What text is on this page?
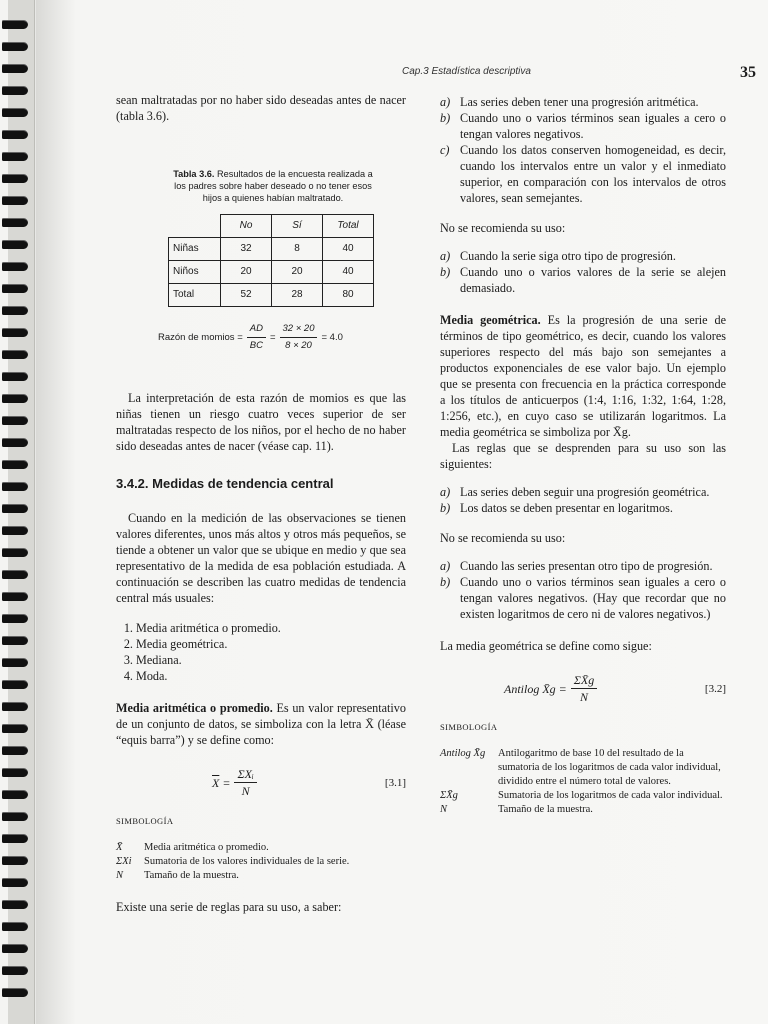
Cap.3 Estadística descriptiva	35

sean maltratadas por no haber sido deseadas antes de nacer (tabla 3.6).

Tabla 3.6. Resultados de la encuesta realizada a los padres sobre haber deseado o no tener esos hijos a quienes habían maltratado.
	No	Sí	Total
Niñas	32	8	40
Niños	20	20	40
Total	52	28	80
Razón de momios = $\frac{AD}{BC} = \frac{32 \times 20}{8 \times 20} = 4.0$

La interpretación de esta razón de momios es que las niñas tienen un riesgo cuatro veces superior de ser maltratadas respecto de los niños, por el hecho de no haber sido deseadas antes de nacer (véase cap. 11).

3.4.2. Medidas de tendencia central

Cuando en la medición de las observaciones se tienen valores diferentes, unos más altos y otros más pequeños, se tiende a obtener un valor que se ubique en medio y que sea representativo de la medida de esa población estudiada. A continuación se describen las cuatro medidas de tendencia central más usuales:

1. Media aritmética o promedio.
2. Media geométrica.
3. Mediana.
4. Moda.

Media aritmética o promedio. Es un valor representativo de un conjunto de datos, se simboliza con la letra X̄ (léase “equis barra”) y se define como:

$\overline{X} = \frac{\text{ΣXᵢ}}{N}$	[3.1]
SIMBOLOGÍA
X̄	Media aritmética o promedio.
ΣXi	Sumatoria de los valores individuales de la serie.
N	Tamaño de la muestra.

Existe una serie de reglas para su uso, a saber:

a) Las series deben tener una progresión aritmética.
b) Cuando uno o varios términos sean iguales a cero o tengan valores negativos.
c) Cuando los datos conserven homogeneidad, es decir, cuando los intervalos entre un valor y el inmediato superior, en comparación con los intervalos de otros valores, sean semejantes.

No se recomienda su uso:

a) Cuando la serie siga otro tipo de progresión.
b) Cuando uno o varios valores de la serie se alejen demasiado.

Media geométrica. Es la progresión de una serie de términos de tipo geométrico, es decir, cuando los valores superiores respecto del más bajo son semejantes a productos exponenciales de ese valor bajo. Un ejemplo que se presenta con frecuencia en la práctica corresponde a los títulos de anticuerpos (1:4, 1:16, 1:32, 1:64, 1:28, 1:256, etc.), en cuyo caso se utilizarán logaritmos. La media geométrica se simboliza por X̄g.

Las reglas que se desprenden para su uso son las siguientes:

a) Las series deben seguir una progresión geométrica.
b) Los datos se deben presentar en logaritmos.

No se recomienda su uso:

a) Cuando las series presentan otro tipo de progresión.
b) Cuando uno o varios términos sean iguales a cero o tengan valores negativos. (Hay que recordar que no existen logaritmos de cero ni de valores negativos.)

La media geométrica se define como sigue:

Antilog X̄g = $\frac{\Sigma X̄g}{N}$	[3.2]
SIMBOLOGÍA
Antilog X̄g	Antilogaritmo de base 10 del resultado de la sumatoria de los logaritmos de cada valor individual, dividido entre el número total de valores.
ΣX̄g	Sumatoria de los logaritmos de cada valor individual.
N	Tamaño de la muestra.
